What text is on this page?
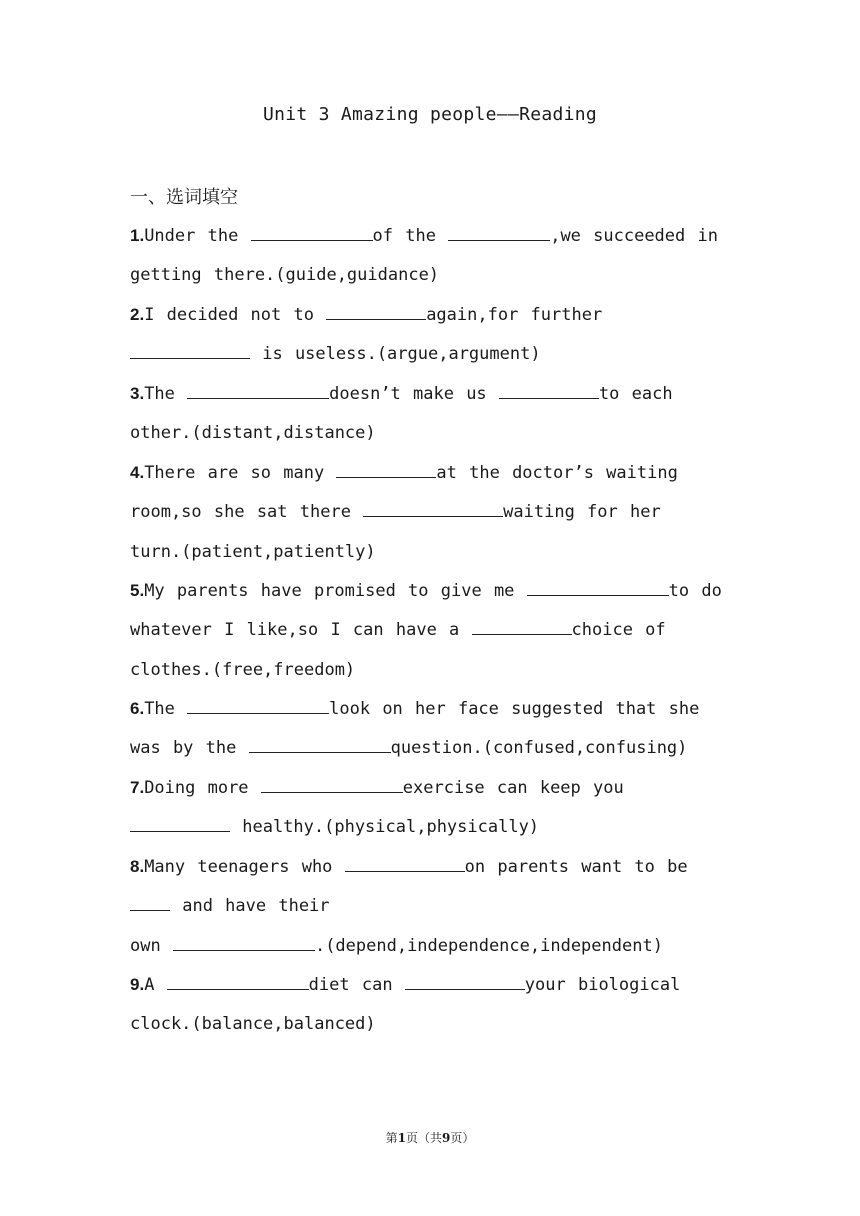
Unit 3 Amazing people——Reading
一、选词填空
1.Under the	of the	,we succeeded in getting there.(guide,guidance)
2.I decided not to	again,for further  is useless.(argue,argument)
3.The	doesn’t make us	to each other.(distant,distance)
4.There are so many	at the doctor’s waiting room,so she sat there	waiting for her
turn.(patient,patiently)
5.My parents have promised to give me	to do whatever I like,so I can have a	choice of clothes.(free,freedom)
6.The	look on her face suggested that she was by the	question.(confused,confusing)
7.Doing more	exercise can keep you  healthy.(physical,physically)
8.Many teenagers who	on parents want to be  and have their
own	.(depend,independence,independent)
9.A	diet can	your biological clock.(balance,balanced)
第1页（共9页）
